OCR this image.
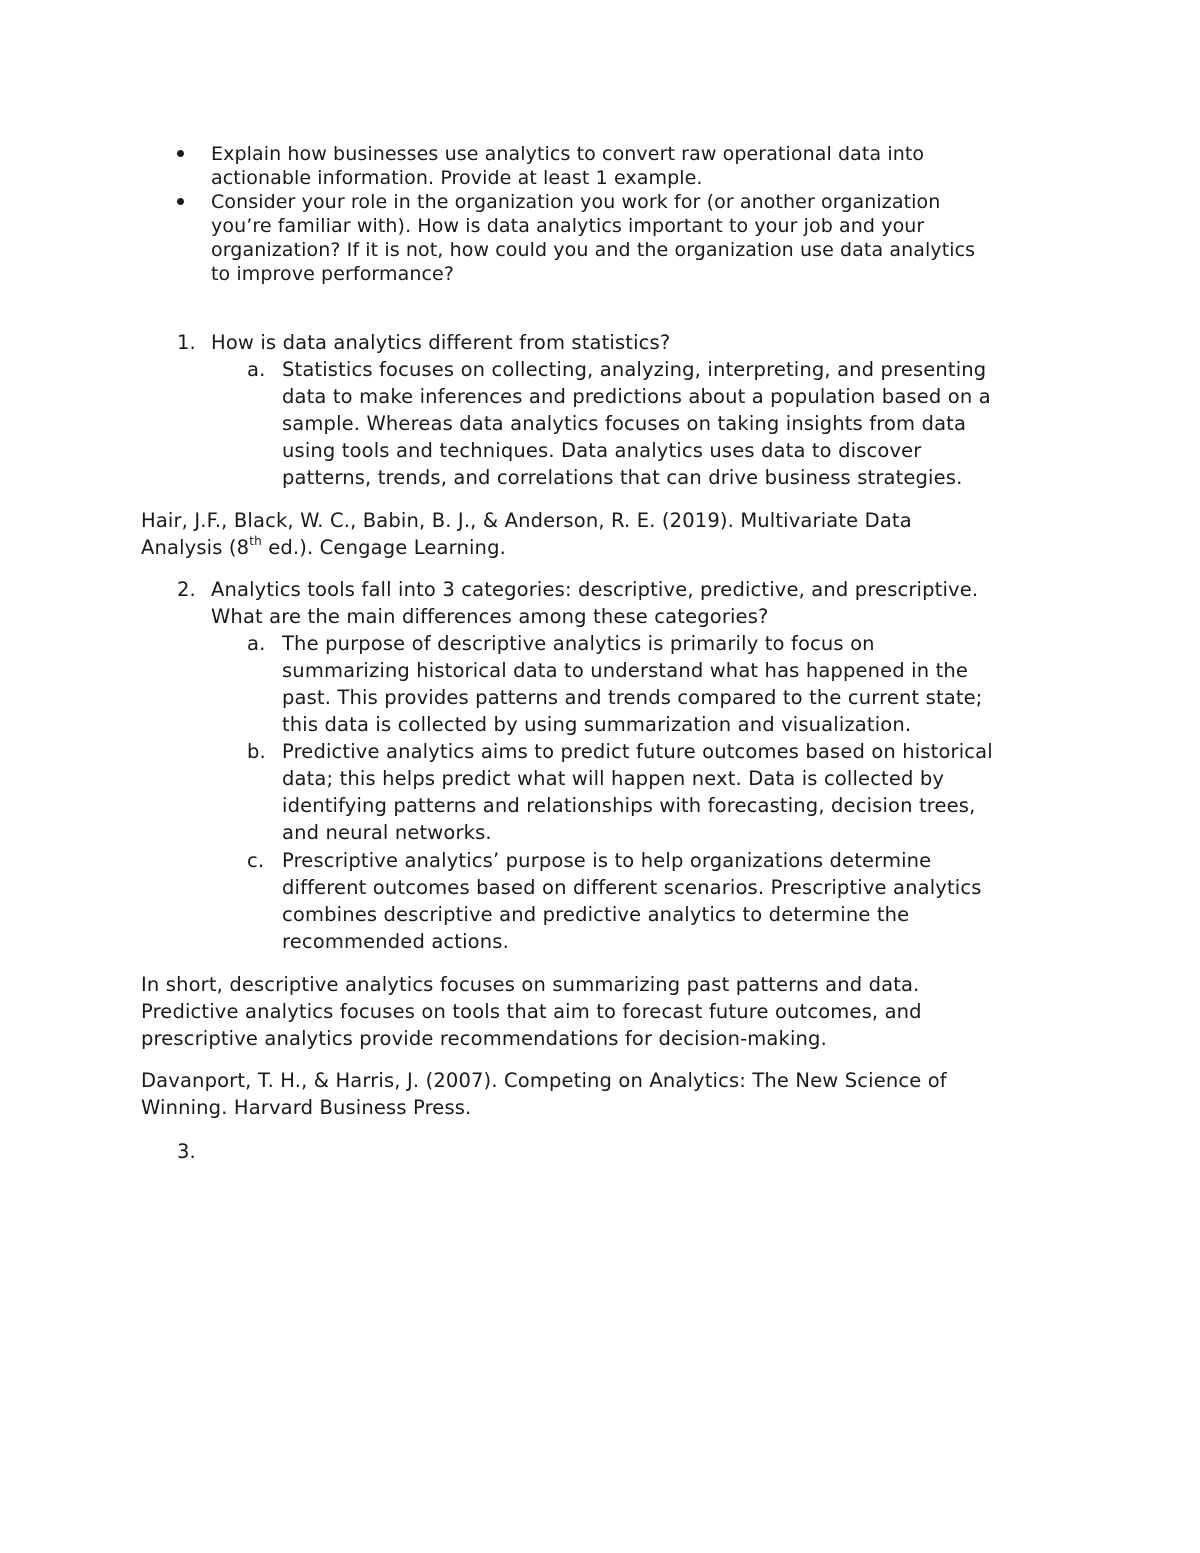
Explain how businesses use analytics to convert raw operational data into
actionable information. Provide at least 1 example.
Consider your role in the organization you work for (or another organization
you’re familiar with). How is data analytics important to your job and your
organization? If it is not, how could you and the organization use data analytics
to improve performance?
1. How is data analytics different from statistics?
a. Statistics focuses on collecting, analyzing, interpreting, and presenting
data to make inferences and predictions about a population based on a
sample. Whereas data analytics focuses on taking insights from data
using tools and techniques. Data analytics uses data to discover
patterns, trends, and correlations that can drive business strategies.
Hair, J.F., Black, W. C., Babin, B. J., & Anderson, R. E. (2019). Multivariate Data
Analysis (8th ed.). Cengage Learning.
2. Analytics tools fall into 3 categories: descriptive, predictive, and prescriptive.
What are the main differences among these categories?
a. The purpose of descriptive analytics is primarily to focus on
summarizing historical data to understand what has happened in the
past. This provides patterns and trends compared to the current state;
this data is collected by using summarization and visualization.
b. Predictive analytics aims to predict future outcomes based on historical
data; this helps predict what will happen next. Data is collected by
identifying patterns and relationships with forecasting, decision trees,
and neural networks.
c. Prescriptive analytics’ purpose is to help organizations determine
different outcomes based on different scenarios. Prescriptive analytics
combines descriptive and predictive analytics to determine the
recommended actions.
In short, descriptive analytics focuses on summarizing past patterns and data.
Predictive analytics focuses on tools that aim to forecast future outcomes, and
prescriptive analytics provide recommendations for decision-making.
Davanport, T. H., & Harris, J. (2007). Competing on Analytics: The New Science of
Winning. Harvard Business Press.
3.
